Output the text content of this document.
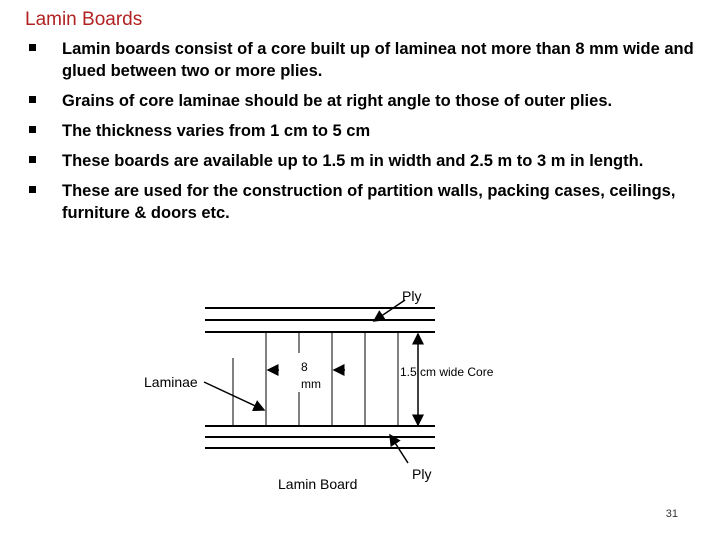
Lamin Boards
Lamin boards consist of a core built up of laminea not more than 8 mm wide and glued between two or more plies.
Grains of core laminae should be at right angle to those of outer plies.
The thickness varies from 1 cm to 5 cm
These boards are available up to 1.5 m in width and 2.5 m to 3 m in length.
These are used for the construction of partition walls, packing cases, ceilings, furniture & doors etc.
Ply
Laminae
8
mm
1.5 cm wide Core
Ply
Lamin Board
31
